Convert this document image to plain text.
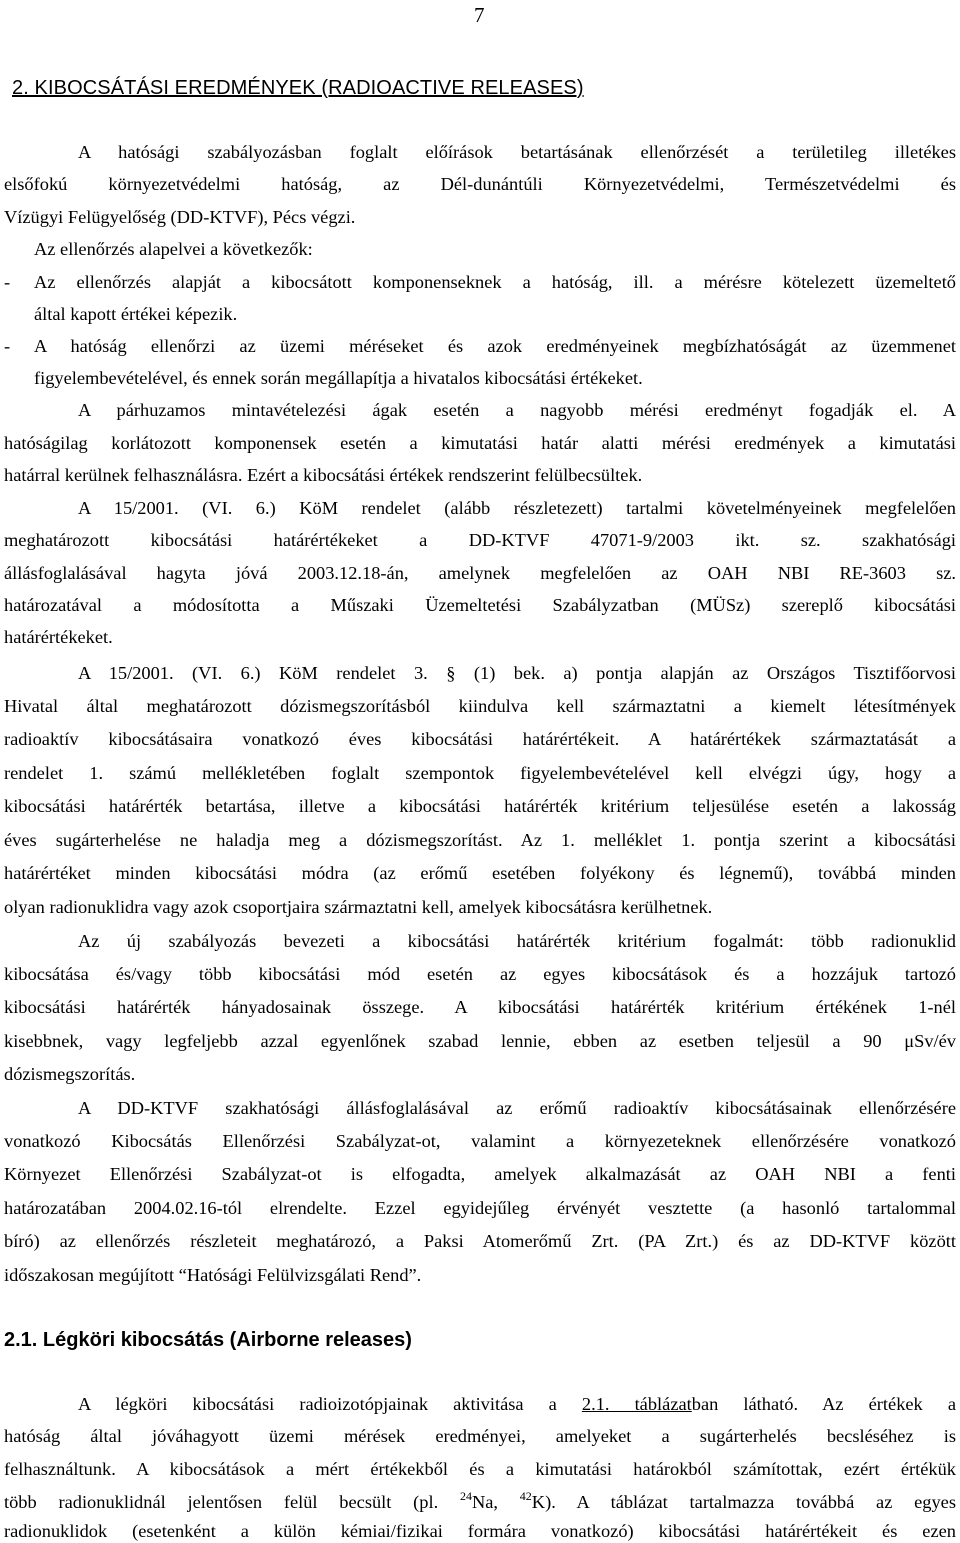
7
2. KIBOCSÁTÁSI EREDMÉNYEK (RADIOACTIVE RELEASES)
A hatósági szabályozásban foglalt előírások betartásának ellenőrzését a területileg illetékes
elsőfokú környezetvédelmi hatóság, az Dél-dunántúli Környezetvédelmi, Természetvédelmi és
Vízügyi Felügyelőség (DD-KTVF), Pécs végzi.
Az ellenőrzés alapelvei a következők:
- Az ellenőrzés alapját a kibocsátott komponenseknek a hatóság, ill. a mérésre kötelezett üzemeltető
által kapott értékei képezik.
- A hatóság ellenőrzi az üzemi méréseket és azok eredményeinek megbízhatóságát az üzemmenet
figyelembevételével, és ennek során megállapítja a hivatalos kibocsátási értékeket.
A párhuzamos mintavételezési ágak esetén a nagyobb mérési eredményt fogadják el. A
hatóságilag korlátozott komponensek esetén a kimutatási határ alatti mérési eredmények a kimutatási
határral kerülnek felhasználásra. Ezért a kibocsátási értékek rendszerint felülbecsültek.
A 15/2001. (VI. 6.) KöM rendelet (alább részletezett) tartalmi követelményeinek megfelelően
meghatározott kibocsátási határértékeket a DD-KTVF 47071-9/2003 ikt. sz. szakhatósági
állásfoglalásával hagyta jóvá 2003.12.18-án, amelynek megfelelően az OAH NBI RE-3603 sz.
határozatával a módosította a Műszaki Üzemeltetési Szabályzatban (MÜSz) szereplő kibocsátási
határértékeket.
A 15/2001. (VI. 6.) KöM rendelet 3. § (1) bek. a) pontja alapján az Országos Tisztifőorvosi
Hivatal által meghatározott dózismegszorításból kiindulva kell származtatni a kiemelt létesítmények
radioaktív kibocsátásaira vonatkozó éves kibocsátási határértékeit. A határértékek származtatását a
rendelet 1. számú mellékletében foglalt szempontok figyelembevételével kell elvégzi úgy, hogy a
kibocsátási határérték betartása, illetve a kibocsátási határérték kritérium teljesülése esetén a lakosság
éves sugárterhelése ne haladja meg a dózismegszorítást. Az 1. melléklet 1. pontja szerint a kibocsátási
határértéket minden kibocsátási módra (az erőmű esetében folyékony és légnemű), továbbá minden
olyan radionuklidra vagy azok csoportjaira származtatni kell, amelyek kibocsátásra kerülhetnek.
Az új szabályozás bevezeti a kibocsátási határérték kritérium fogalmát: több radionuklid
kibocsátása és/vagy több kibocsátási mód esetén az egyes kibocsátások és a hozzájuk tartozó
kibocsátási határérték hányadosainak összege. A kibocsátási határérték kritérium értékének 1-nél
kisebbnek, vagy legfeljebb azzal egyenlőnek szabad lennie, ebben az esetben teljesül a 90 μSv/év
dózismegszorítás.
A DD-KTVF szakhatósági állásfoglalásával az erőmű radioaktív kibocsátásainak ellenőrzésére
vonatkozó Kibocsátás Ellenőrzési Szabályzat-ot, valamint a környezeteknek ellenőrzésére vonatkozó
Környezet Ellenőrzési Szabályzat-ot is elfogadta, amelyek alkalmazását az OAH NBI a fenti
határozatában 2004.02.16-tól elrendelte. Ezzel egyidejűleg érvényét vesztette (a hasonló tartalommal
bíró) az ellenőrzés részleteit meghatározó, a Paksi Atomerőmű Zrt. (PA Zrt.) és az DD-KTVF között
időszakosan megújított “Hatósági Felülvizsgálati Rend”.
2.1. Légköri kibocsátás (Airborne releases)
A légköri kibocsátási radioizotópjainak aktivitása a 2.1. táblázatban látható. Az értékek a
hatóság által jóváhagyott üzemi mérések eredményei, amelyeket a sugárterhelés becsléséhez is
felhasználtunk. A kibocsátások a mért értékekből és a kimutatási határokból számítottak, ezért értékük
több radionuklidnál jelentősen felül becsült (pl. $^{24}$Na, $^{42}$K). A táblázat tartalmazza továbbá az egyes
radionuklidok (esetenként a külön kémiai/fizikai formára vonatkozó) kibocsátási határértékeit és ezen
